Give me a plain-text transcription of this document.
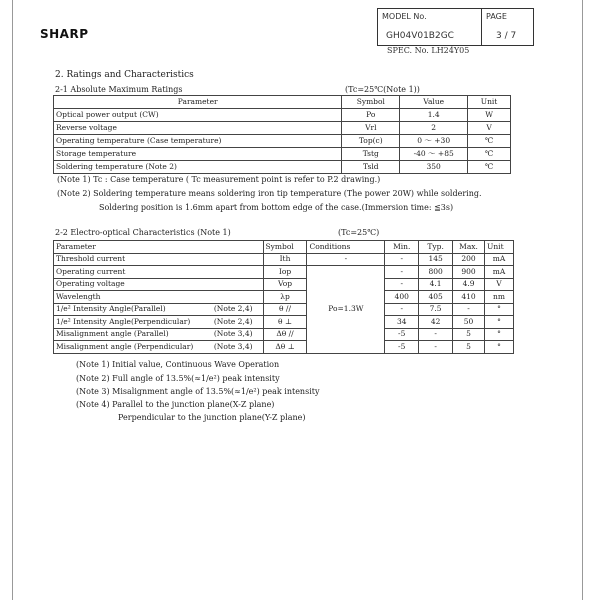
SHARP
MODEL No.
GH04V01B2GC
PAGE
3 / 7
SPEC. No. LH24Y05
2. Ratings and Characteristics
2-1 Absolute Maximum Ratings	(Tc=25℃(Note 1))
Parameter	Symbol	Value	Unit
Optical power output (CW)	Po	1.4	W
Reverse voltage	Vrl	2	V
Operating temperature (Case temperature)	Top(c)	0 〜 +30	℃
Storage temperature	Tstg	-40 〜 +85	℃
Soldering temperature (Note 2)	Tsld	350	℃
(Note 1) Tc : Case temperature ( Tc measurement point is refer to P.2 drawing.)
(Note 2) Soldering temperature means soldering iron tip temperature (The power 20W) while soldering.
Soldering position is 1.6mm apart from bottom edge of the case.(Immersion time: ≦3s)
2-2 Electro-optical Characteristics (Note 1)	(Tc=25℃)
Parameter	Symbol	Conditions	Min.	Typ.	Max.	Unit
Threshold current	Ith	-	-	145	200	mA
Operating current	Iop	Po=1.3W	-	800	900	mA
Operating voltage	Vop		-	4.1	4.9	V
Wavelength	λp		400	405	410	nm
1/e² Intensity Angle(Parallel) (Note 2,4)	θ //		-	7.5	-	°
1/e² Intensity Angle(Perpendicular) (Note 2,4)	θ ⊥		34	42	50	°
Misalignment angle (Parallel) (Note 3,4)	Δθ //		-5	-	5	°
Misalignment angle (Perpendicular) (Note 3,4)	Δθ ⊥		-5	-	5	°
(Note 1) Initial value, Continuous Wave Operation
(Note 2) Full angle of 13.5%(≈1/e²) peak intensity
(Note 3) Misalignment angle of 13.5%(≈1/e²) peak intensity
(Note 4) Parallel to the junction plane(X-Z plane)
Perpendicular to the junction plane(Y-Z plane)
